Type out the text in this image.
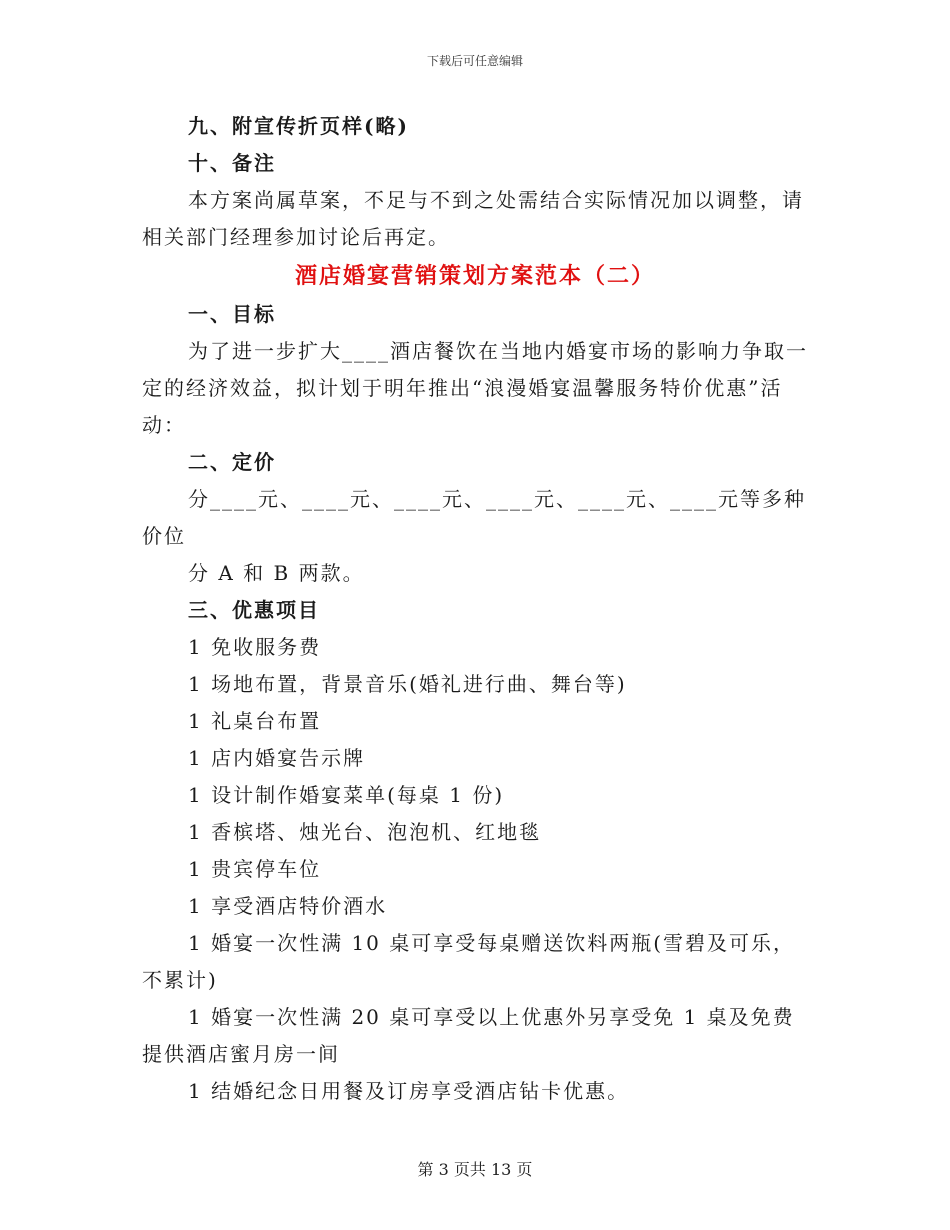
下载后可任意编辑

九、附宣传折页样(略)

十、备注

本方案尚属草案，不足与不到之处需结合实际情况加以调整，请相关部门经理参加讨论后再定。

酒店婚宴营销策划方案范本（二）

一、目标

为了进一步扩大____酒店餐饮在当地内婚宴市场的影响力争取一定的经济效益，拟计划于明年推出“浪漫婚宴温馨服务特价优惠”活动：

二、定价

分____元、____元、____元、____元、____元、____元等多种价位

分 A 和 B 两款。

三、优惠项目

1 免收服务费

1 场地布置，背景音乐(婚礼进行曲、舞台等)

1 礼桌台布置

1 店内婚宴告示牌

1 设计制作婚宴菜单(每桌 1 份)

1 香槟塔、烛光台、泡泡机、红地毯

1 贵宾停车位

1 享受酒店特价酒水

1 婚宴一次性满 10 桌可享受每桌赠送饮料两瓶(雪碧及可乐，不累计)

1 婚宴一次性满 20 桌可享受以上优惠外另享受免 1 桌及免费提供酒店蜜月房一间

1 结婚纪念日用餐及订房享受酒店钻卡优惠。

第 3 页共 13 页
